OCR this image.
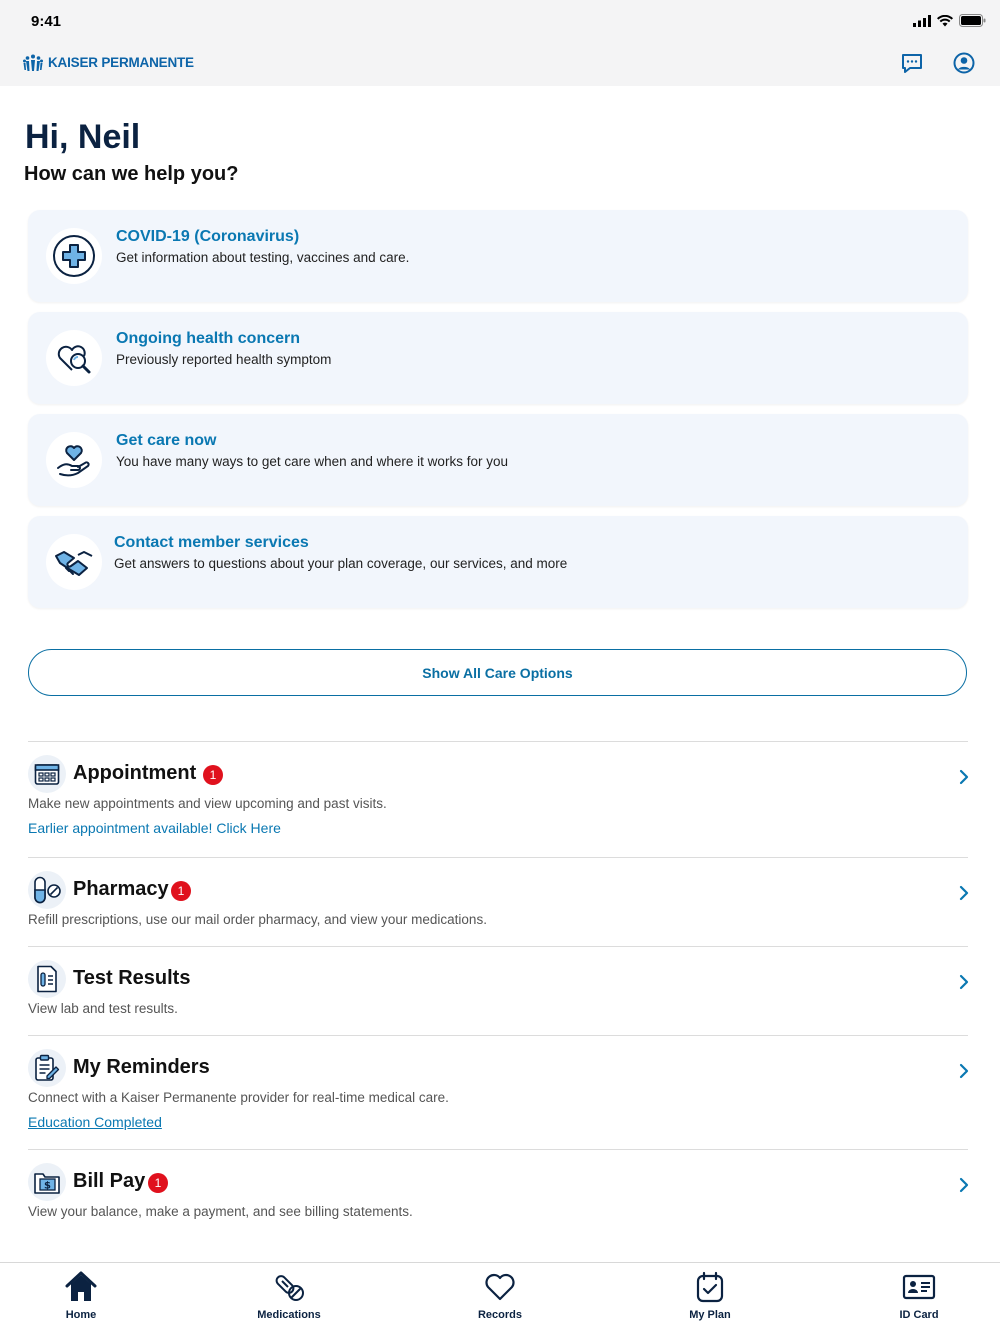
9:41
KAISER PERMANENTE
Hi, Neil
How can we help you?
COVID-19 (Coronavirus)
Get information about testing, vaccines and care.
Ongoing health concern
Previously reported health symptom
Get care now
You have many ways to get care when and where it works for you
Contact member services
Get answers to questions about your plan coverage, our services, and more
Show All Care Options
Appointment	1
Make new appointments and view upcoming and past visits.
Earlier appointment available! Click Here
Pharmacy 1
Refill prescriptions, use our mail order pharmacy, and view your medications.
Test Results
View lab and test results.
My Reminders
Connect with a Kaiser Permanente provider for real-time medical care.
Education Completed
$ Bill Pay 1
View your balance, make a payment, and see billing statements.
Home	Medications	Records	My Plan	ID Card
